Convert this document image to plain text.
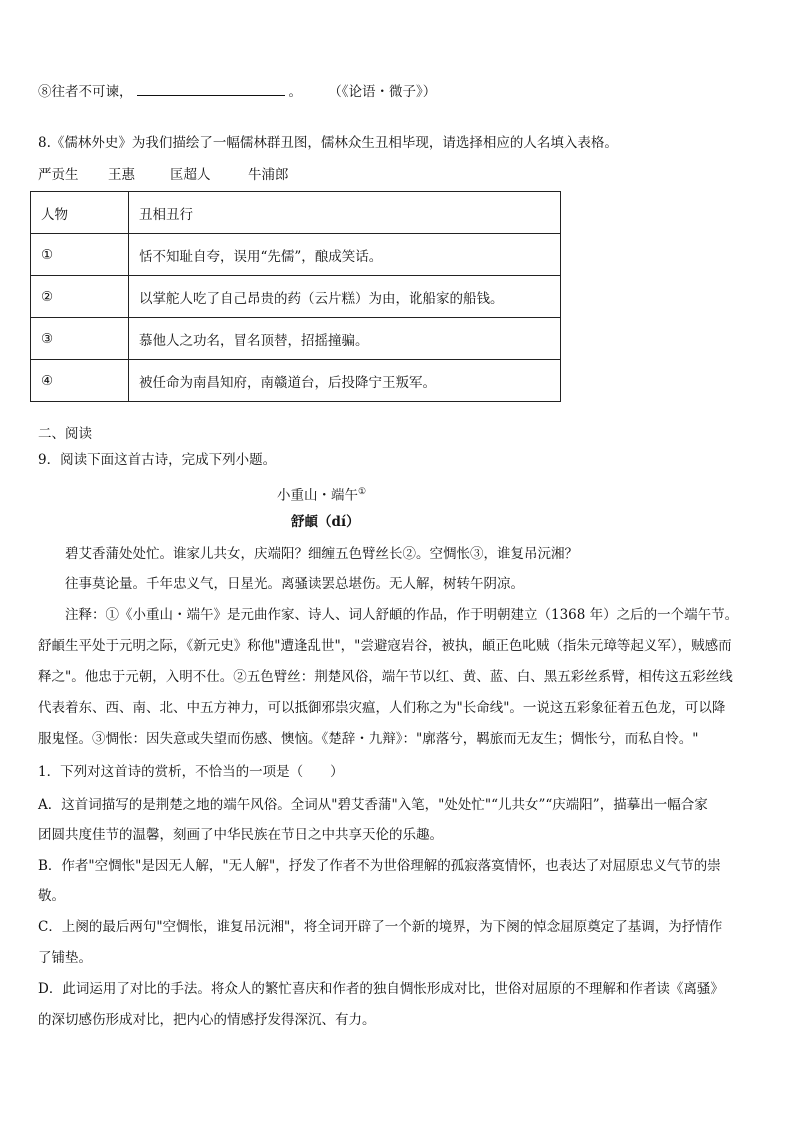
⑧往者不可谏，	。 （《论语・微子》）
8.《儒林外史》为我们描绘了一幅儒林群丑图，儒林众生丑相毕现，请选择相应的人名填入表格。
严贡生 王惠	匡超人	牛浦郎
人物	丑相丑行
①	恬不知耻自夸，误用“先儒”，酿成笑话。
②	以掌舵人吃了自己昂贵的药（云片糕）为由，讹船家的船钱。
③	慕他人之功名，冒名顶替，招摇撞骗。
④	被任命为南昌知府，南赣道台，后投降宁王叛军。
二、阅读
9．阅读下面这首古诗，完成下列小题。
小重山・端午①
舒頔（dí）
碧艾香蒲处处忙。谁家儿共女，庆端阳？细缠五色臂丝长②。空惆怅③，谁复吊沅湘？
往事莫论量。千年忠义气，日星光。离骚读罢总堪伤。无人解，树转午阴凉。
注释：①《小重山・端午》是元曲作家、诗人、词人舒頔的作品，作于明朝建立（1368 年）之后的一个端午节。
舒頔生平处于元明之际，《新元史》称他"遭逢乱世"，"尝避寇岩谷，被执，頔正色叱贼（指朱元璋等起义军），贼感而
释之"。他忠于元朝，入明不仕。②五色臂丝：荆楚风俗，端午节以红、黄、蓝、白、黑五彩丝系臂，相传这五彩丝线
代表着东、西、南、北、中五方神力，可以抵御邪祟灾瘟，人们称之为"长命线"。一说这五彩象征着五色龙，可以降
服鬼怪。③惆怅：因失意或失望而伤感、懊恼。《楚辞・九辩》："廓落兮，羁旅而无友生；惆怅兮，而私自怜。"
1．下列对这首诗的赏析，不恰当的一项是（　　）
A．这首词描写的是荆楚之地的端午风俗。全词从"碧艾香蒲"入笔，"处处忙"“儿共女”“庆端阳”，描摹出一幅合家
团圆共度佳节的温馨，刻画了中华民族在节日之中共享天伦的乐趣。
B．作者"空惆怅"是因无人解，"无人解"，抒发了作者不为世俗理解的孤寂落寞情怀，也表达了对屈原忠义气节的崇
敬。
C．上阕的最后两句"空惆怅，谁复吊沅湘"，将全词开辟了一个新的境界，为下阕的悼念屈原奠定了基调，为抒情作
了铺垫。
D．此词运用了对比的手法。将众人的繁忙喜庆和作者的独自惆怅形成对比，世俗对屈原的不理解和作者读《离骚》
的深切感伤形成对比，把内心的情感抒发得深沉、有力。
